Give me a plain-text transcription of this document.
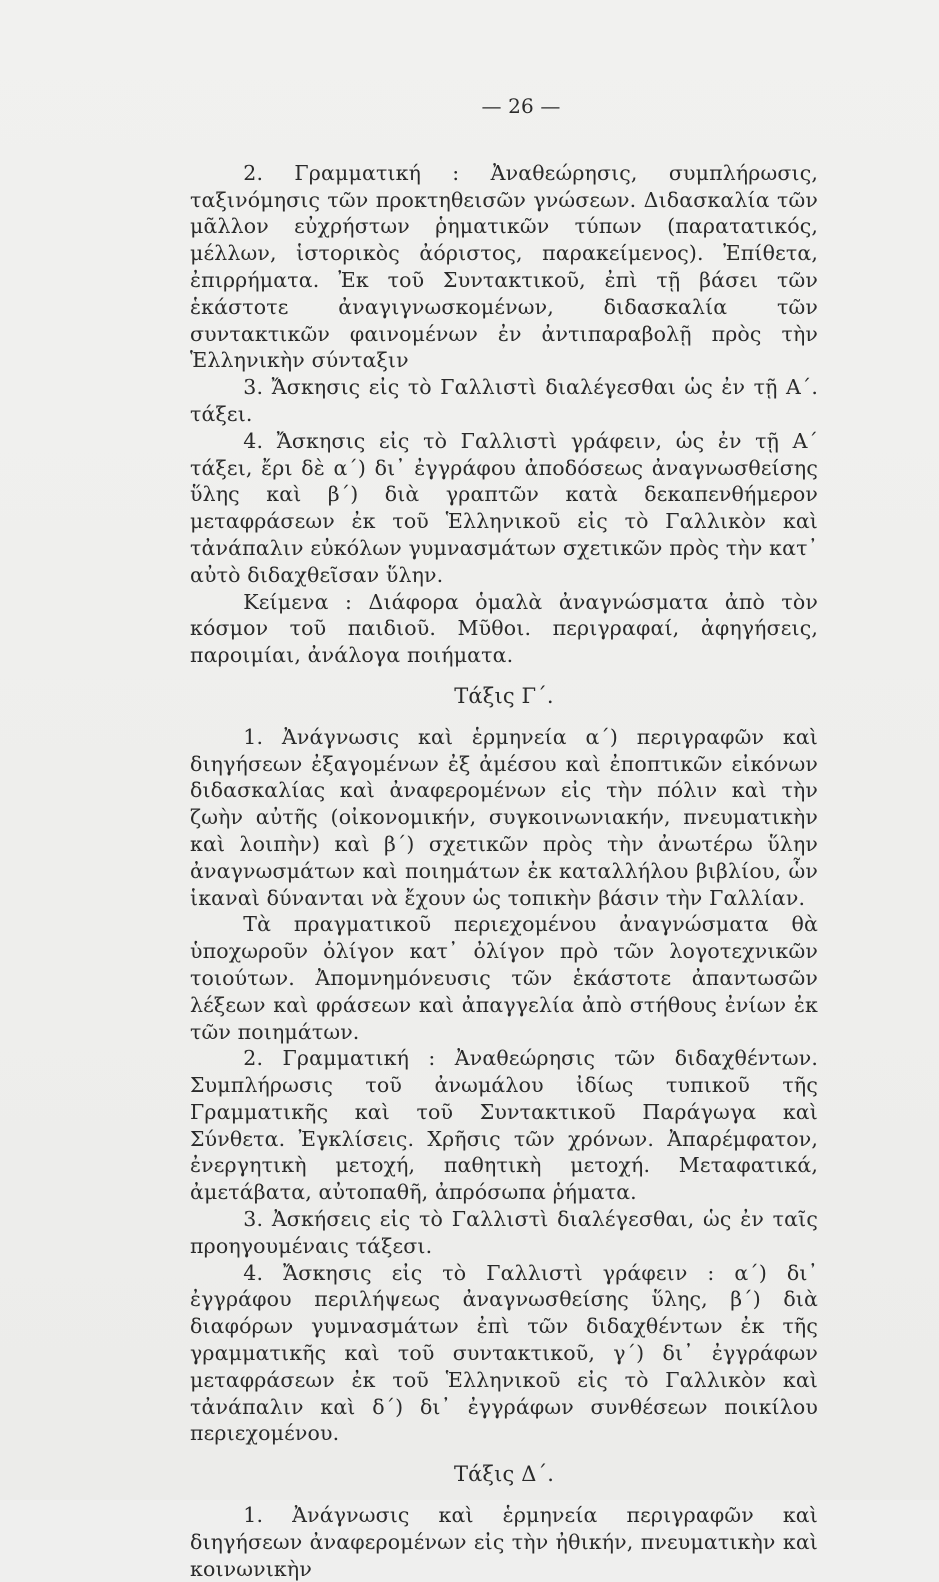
— 26 —

2. Γραμματική : Ἀναθεώρησις, συμπλήρωσις, ταξινόμησις τῶν προκτηθεισῶν γνώσεων. Διδασκαλία τῶν μᾶλλον εὐχρήστων ῥηματικῶν τύπων (παρατατικός, μέλλων, ἱστορικὸς ἀόριστος, παρακείμενος). Ἐπίθετα, ἐπιρρήματα. Ἐκ τοῦ Συντακτικοῦ, ἐπὶ τῇ βάσει τῶν ἑκάστοτε ἀναγιγνωσκομένων, διδασκαλία τῶν συντακτικῶν φαινομένων ἐν ἀντιπαραβολῇ πρὸς τὴν Ἑλληνικὴν σύνταξιν

3. Ἄσκησις εἰς τὸ Γαλλιστὶ διαλέγεσθαι ὡς ἐν τῇ Α΄. τάξει.

4. Ἄσκησις εἰς τὸ Γαλλιστὶ γράφειν, ὡς ἐν τῇ Α΄ τάξει, ἔρι δὲ α΄) δι᾽ ἐγγράφου ἀποδόσεως ἀναγνωσθείσης ὕλης καὶ β΄) διὰ γραπτῶν κατὰ δεκαπενθήμερον μεταφράσεων ἐκ τοῦ Ἑλληνικοῦ εἰς τὸ Γαλλικὸν καὶ τἀνάπαλιν εὐκόλων γυμνασμάτων σχετικῶν πρὸς τὴν κατ᾽ αὐτὸ διδαχθεῖσαν ὕλην.

Κείμενα : Διάφορα ὁμαλὰ ἀναγνώσματα ἀπὸ τὸν κόσμον τοῦ παιδιοῦ. Μῦθοι. περιγραφαί, ἀφηγήσεις, παροιμίαι, ἀνάλογα ποιήματα.

Τάξις Γ΄.

1. Ἀνάγνωσις καὶ ἑρμηνεία α΄) περιγραφῶν καὶ διηγήσεων ἐξαγομένων ἐξ ἀμέσου καὶ ἐποπτικῶν εἰκόνων διδασκαλίας καὶ ἀναφερομένων εἰς τὴν πόλιν καὶ τὴν ζωὴν αὐτῆς (οἰκονομικήν, συγκοινωνιακήν, πνευματικὴν καὶ λοιπὴν) καὶ β΄) σχετικῶν πρὸς τὴν ἀνωτέρω ὕλην ἀναγνωσμάτων καὶ ποιημάτων ἐκ καταλλήλου βιβλίου, ὧν ἱκαναὶ δύνανται νὰ ἔχουν ὡς τοπικὴν βάσιν τὴν Γαλλίαν.

Τὰ πραγματικοῦ περιεχομένου ἀναγνώσματα θὰ ὑποχωροῦν ὀλίγον κατ᾽ ὀλίγον πρὸ τῶν λογοτεχνικῶν τοιούτων. Ἀπομνημόνευσις τῶν ἑκάστοτε ἀπαντωσῶν λέξεων καὶ φράσεων καὶ ἀπαγγελία ἀπὸ στήθους ἐνίων ἐκ τῶν ποιημάτων.

2. Γραμματική : Ἀναθεώρησις τῶν διδαχθέντων. Συμπλήρωσις τοῦ ἀνωμάλου ἰδίως τυπικοῦ τῆς Γραμματικῆς καὶ τοῦ Συντακτικοῦ Παράγωγα καὶ Σύνθετα. Ἐγκλίσεις. Χρῆσις τῶν χρόνων. Ἀπαρέμφατον, ἐνεργητικὴ μετοχή, παθητικὴ μετοχή. Μεταφατικά, ἀμετάβατα, αὐτοπαθῆ, ἀπρόσωπα ῥήματα.

3. Ἀσκήσεις εἰς τὸ Γαλλιστὶ διαλέγεσθαι, ὡς ἐν ταῖς προηγουμέναις τάξεσι.

4. Ἄσκησις εἰς τὸ Γαλλιστὶ γράφειν : α΄) δι᾽ ἐγγράφου περιλήψεως ἀναγνωσθείσης ὕλης, β΄) διὰ διαφόρων γυμνασμάτων ἐπὶ τῶν διδαχθέντων ἐκ τῆς γραμματικῆς καὶ τοῦ συντακτικοῦ, γ΄) δι᾽ ἐγγράφων μεταφράσεων ἐκ τοῦ Ἑλληνικοῦ εἰς τὸ Γαλλικὸν καὶ τἀνάπαλιν καὶ δ΄) δι᾽ ἐγγράφων συνθέσεων ποικίλου περιεχομένου.

Τάξις Δ΄.

1. Ἀνάγνωσις καὶ ἑρμηνεία περιγραφῶν καὶ διηγήσεων ἀναφερομένων εἰς τὴν ἠθικήν, πνευματικὴν καὶ κοινωνικὴν
